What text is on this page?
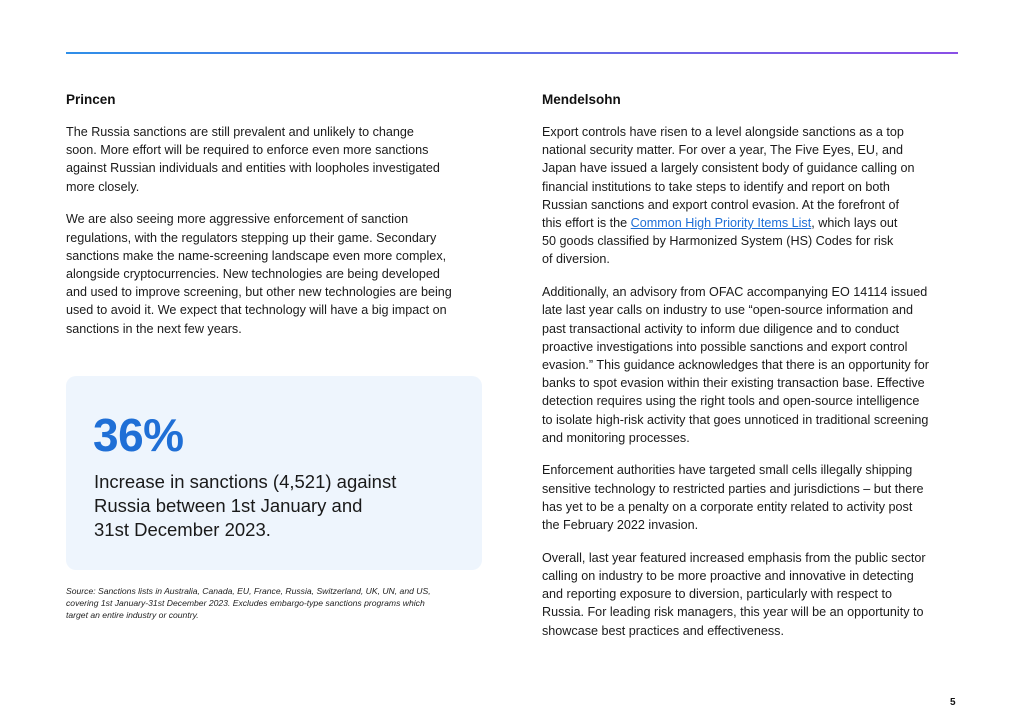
Princen

The Russia sanctions are still prevalent and unlikely to change
soon. More effort will be required to enforce even more sanctions
against Russian individuals and entities with loopholes investigated
more closely.

We are also seeing more aggressive enforcement of sanction
regulations, with the regulators stepping up their game. Secondary
sanctions make the name-screening landscape even more complex,
alongside cryptocurrencies. New technologies are being developed
and used to improve screening, but other new technologies are being
used to avoid it. We expect that technology will have a big impact on
sanctions in the next few years.

36%
Increase in sanctions (4,521) against
Russia between 1st January and
31st December 2023.
Source: Sanctions lists in Australia, Canada, EU, France, Russia, Switzerland, UK, UN, and US,
covering 1st January-31st December 2023. Excludes embargo-type sanctions programs which
target an entire industry or country.
Mendelsohn

Export controls have risen to a level alongside sanctions as a top
national security matter. For over a year, The Five Eyes, EU, and
Japan have issued a largely consistent body of guidance calling on
financial institutions to take steps to identify and report on both
Russian sanctions and export control evasion. At the forefront of
this effort is the Common High Priority Items List, which lays out
50 goods classified by Harmonized System (HS) Codes for risk
of diversion.

Additionally, an advisory from OFAC accompanying EO 14114 issued
late last year calls on industry to use “open-source information and
past transactional activity to inform due diligence and to conduct
proactive investigations into possible sanctions and export control
evasion.” This guidance acknowledges that there is an opportunity for
banks to spot evasion within their existing transaction base. Effective
detection requires using the right tools and open-source intelligence
to isolate high-risk activity that goes unnoticed in traditional screening
and monitoring processes.

Enforcement authorities have targeted small cells illegally shipping
sensitive technology to restricted parties and jurisdictions – but there
has yet to be a penalty on a corporate entity related to activity post
the February 2022 invasion.

Overall, last year featured increased emphasis from the public sector
calling on industry to be more proactive and innovative in detecting
and reporting exposure to diversion, particularly with respect to
Russia. For leading risk managers, this year will be an opportunity to
showcase best practices and effectiveness.

5
